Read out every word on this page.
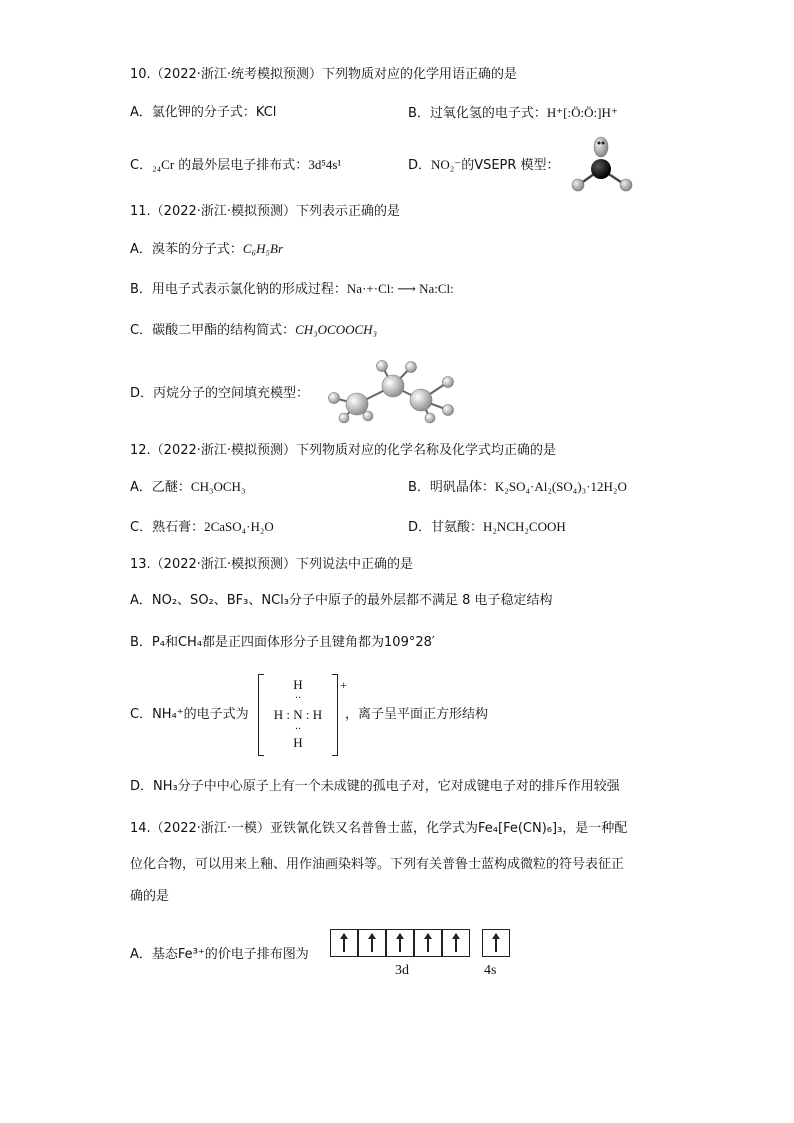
10.（2022·浙江·统考模拟预测）下列物质对应的化学用语正确的是
A．氯化钾的分子式：KCl	B．过氧化氢的电子式：H⁺[:Ö:Ö:]H⁺
C．₂₄Cr 的最外层电子排布式：3d⁵4s¹	D．NO₂⁻的VSEPR 模型：
11.（2022·浙江·模拟预测）下列表示正确的是
A．溴苯的分子式：C₆H₅Br
B．用电子式表示氯化钠的形成过程：Na·+·Cl: ⟶ Na:Cl:
C．碳酸二甲酯的结构简式：CH₃OCOOCH₃
D．丙烷分子的空间填充模型：
12.（2022·浙江·模拟预测）下列物质对应的化学名称及化学式均正确的是
A．乙醚：CH₃OCH₃	B．明矾晶体：K₂SO₄·Al₂(SO₄)₃·12H₂O
C．熟石膏：2CaSO₄·H₂O	D．甘氨酸：H₂NCH₂COOH
13.（2022·浙江·模拟预测）下列说法中正确的是
A．NO₂、SO₂、BF₃、NCl₃分子中原子的最外层都不满足 8 电子稳定结构
B．P₄和CH₄都是正四面体形分子且键角都为109°28′
C．NH₄⁺的电子式为
H
H : N : H
H
··
··
+
，离子呈平面正方形结构
D．NH₃分子中中心原子上有一个未成键的孤电子对，它对成键电子对的排斥作用较强
14.（2022·浙江·一模）亚铁氰化铁又名普鲁士蓝，化学式为Fe₄[Fe(CN)₆]₃，是一种配
位化合物，可以用来上釉、用作油画染料等。下列有关普鲁士蓝构成微粒的符号表征正
确的是
A．基态Fe³⁺的价电子排布图为
3d	4s
